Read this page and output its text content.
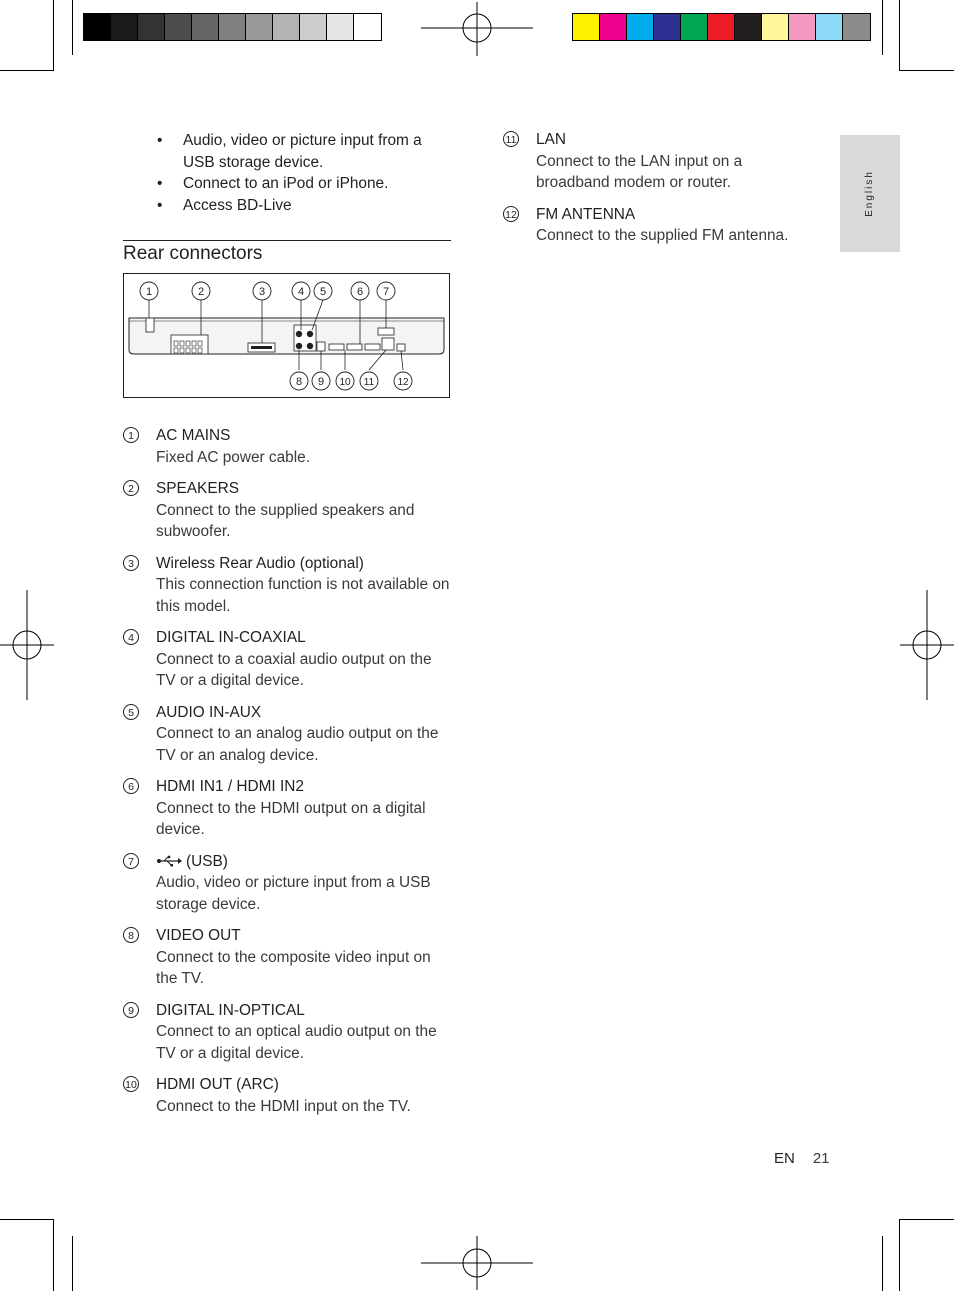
English
• Audio, video or picture input from a USB storage device.
• Connect to an iPod or iPhone.
• Access BD-Live
Rear connectors
1	2	3	4 5	6 7
8 9 10 11 12
1	AC MAINS
Fixed AC power cable.
2	SPEAKERS
Connect to the supplied speakers and subwoofer.
3	Wireless Rear Audio (optional)
This connection function is not available on this model.
4	DIGITAL IN-COAXIAL
Connect to a coaxial audio output on the TV or a digital device.
5	AUDIO IN-AUX
Connect to an analog audio output on the TV or an analog device.
6	HDMI IN1 / HDMI IN2
Connect to the HDMI output on a digital device.
7	(USB)
Audio, video or picture input from a USB storage device.
8	VIDEO OUT
Connect to the composite video input on the TV.
9	DIGITAL IN-OPTICAL
Connect to an optical audio output on the TV or a digital device.
10 HDMI OUT (ARC)
Connect to the HDMI input on the TV.
11 LAN
Connect to the LAN input on a broadband modem or router.
12 FM ANTENNA
Connect to the supplied FM antenna.
EN 21
